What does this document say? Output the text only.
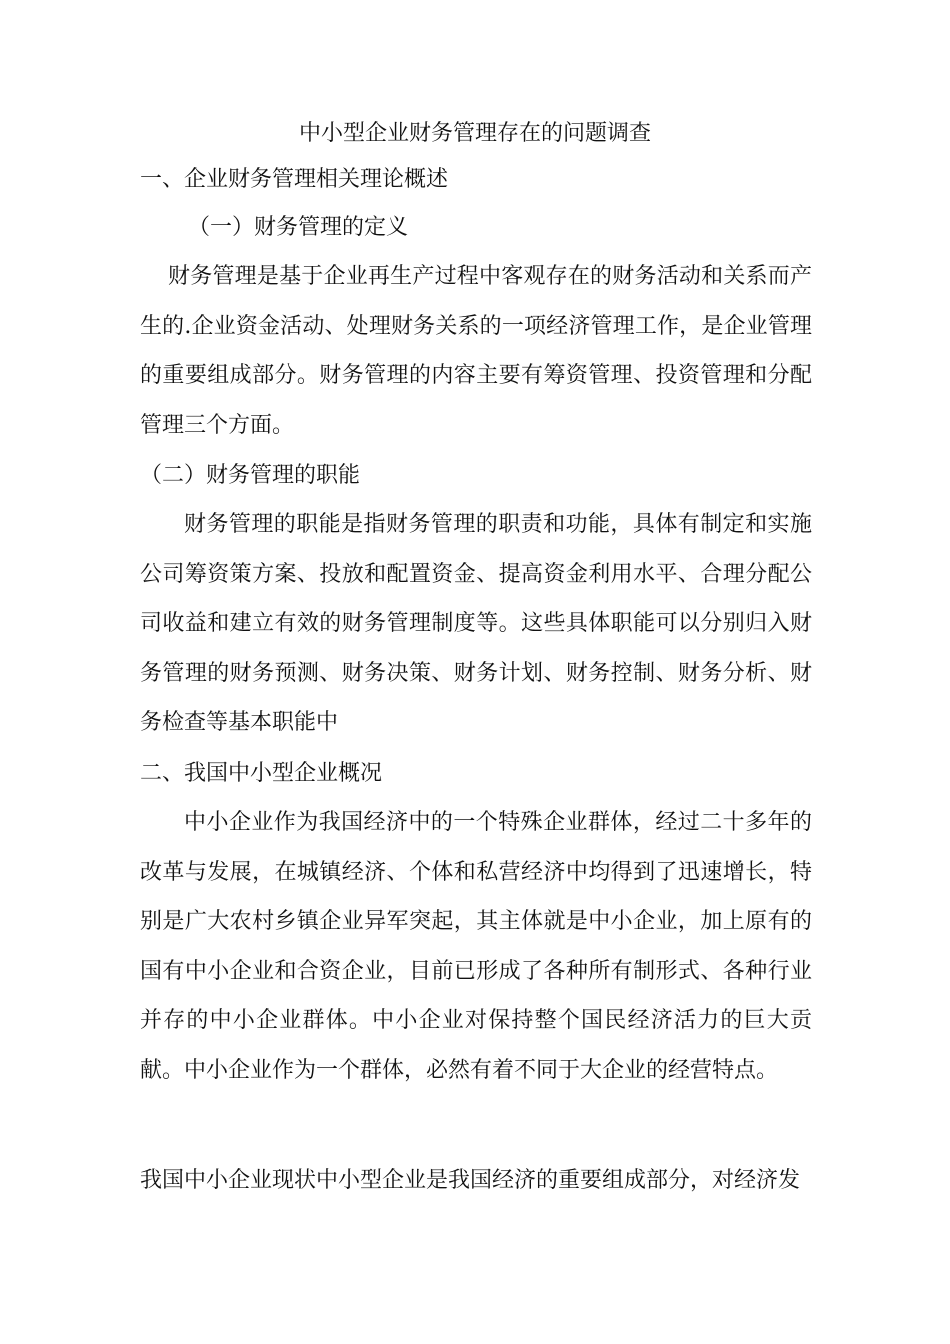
中小型企业财务管理存在的问题调查
一、企业财务管理相关理论概述
（一）财务管理的定义
财务管理是基于企业再生产过程中客观存在的财务活动和关系而产生的.企业资金活动、处理财务关系的一项经济管理工作，是企业管理的重要组成部分。财务管理的内容主要有筹资管理、投资管理和分配管理三个方面。
（二）财务管理的职能
财务管理的职能是指财务管理的职责和功能，具体有制定和实施公司筹资策方案、投放和配置资金、提高资金利用水平、合理分配公司收益和建立有效的财务管理制度等。这些具体职能可以分别归入财务管理的财务预测、财务决策、财务计划、财务控制、财务分析、财务检查等基本职能中
二、我国中小型企业概况
中小企业作为我国经济中的一个特殊企业群体，经过二十多年的改革与发展，在城镇经济、个体和私营经济中均得到了迅速增长，特别是广大农村乡镇企业异军突起，其主体就是中小企业，加上原有的国有中小企业和合资企业，目前已形成了各种所有制形式、各种行业并存的中小企业群体。中小企业对保持整个国民经济活力的巨大贡献。中小企业作为一个群体，必然有着不同于大企业的经营特点。
我国中小企业现状中小型企业是我国经济的重要组成部分，对经济发
